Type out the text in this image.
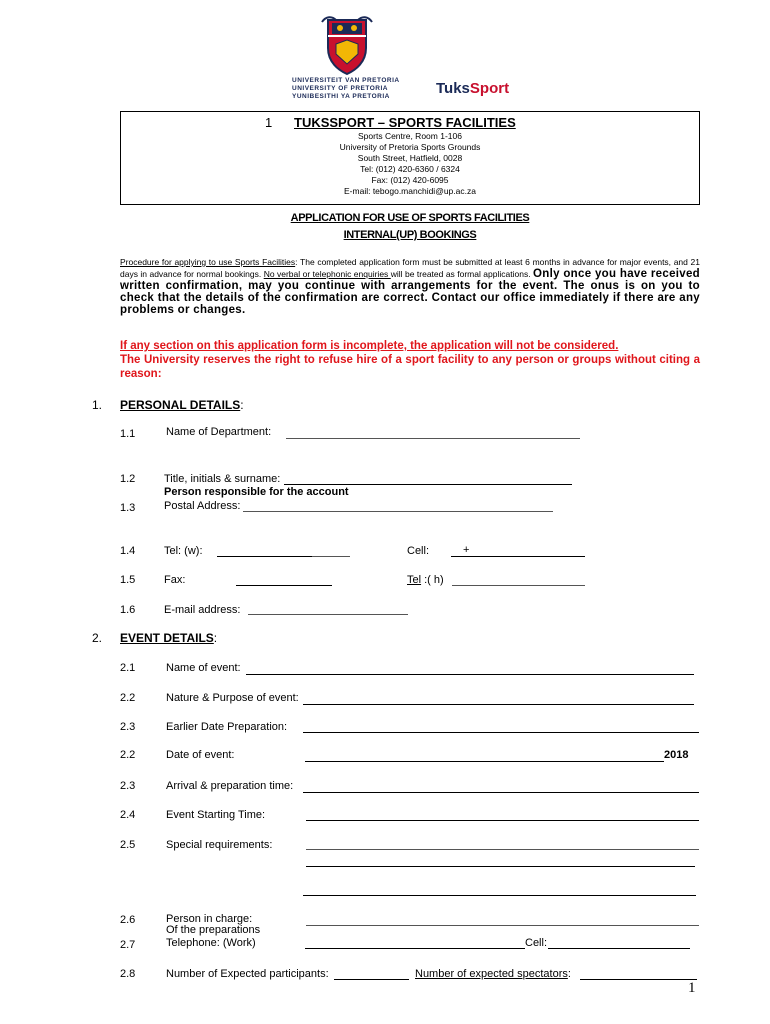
UNIVERSITEIT VAN PRETORIA
UNIVERSITY OF PRETORIA
YUNIBESITHI YA PRETORIA	TuksSport
1 TUKSSPORT – SPORTS FACILITIES
Sports Centre, Room 1-106
University of Pretoria Sports Grounds
South Street, Hatfield, 0028
Tel: (012) 420-6360 / 6324
Fax: (012) 420-6095
E-mail: tebogo.manchidi@up.ac.za
APPLICATION FOR USE OF SPORTS FACILITIES
INTERNAL(UP) BOOKINGS
Procedure for applying to use Sports Facilities: The completed application form must be submitted at least 6 months in advance for major events, and 21 days in advance for normal bookings. No verbal or telephonic enquiries will be treated as formal applications. Only once you have received written confirmation, may you continue with arrangements for the event. The onus is on you to check that the details of the confirmation are correct. Contact our office immediately if there are any problems or changes.
If any section on this application form is incomplete, the application will not be considered.
The University reserves the right to refuse hire of a sport facility to any person or groups without citing a reason:
1. PERSONAL DETAILS:
1.1	Name of Department:
1.2	Title, initials & surname:
Person responsible for the account
1.3	Postal Address:
1.4	Tel: (w):	Cell:	+
1.5	Fax:	Tel :( h)
1.6	E-mail address:
2. EVENT DETAILS:
2.1	Name of event:
2.2	Nature & Purpose of event:
2.3	Earlier Date Preparation:
2.2	Date of event:	2018
2.3	Arrival & preparation time:
2.4	Event Starting Time:
2.5	Special requirements:
2.6	Person in charge:
Of the preparations
2.7	Telephone: (Work)	Cell:
2.8	Number of Expected participants:	Number of expected spectators:
1
